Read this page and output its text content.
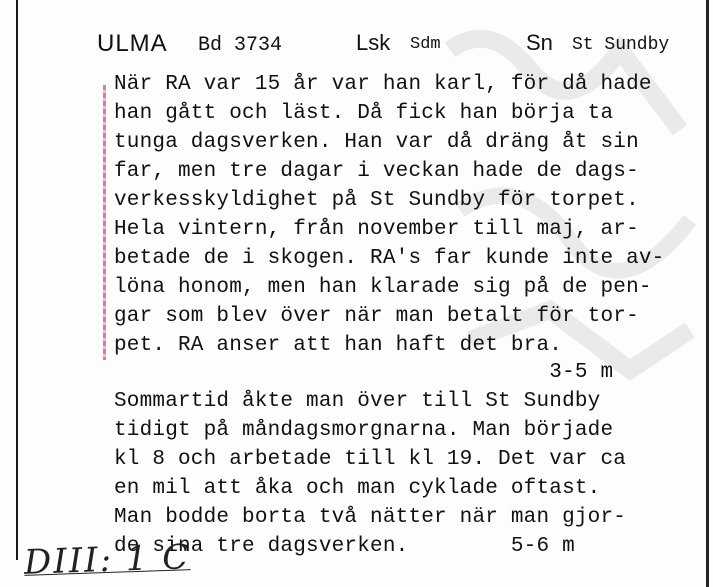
ULMA Bd 3734	Lsk Sdm	Sn St Sundby
När RA var 15 år var han karl, för då hade
han gått och läst. Då fick han börja ta
tunga dagsverken. Han var då dräng åt sin
far, men tre dagar i veckan hade de dags-
verkesskyldighet på St Sundby för torpet.
Hela vintern, från november till maj, ar-
betade de i skogen. RA's far kunde inte av-
löna honom, men han klarade sig på de pen-
gar som blev över när man betalt för tor-
pet. RA anser att han haft det bra.
3-5 m
Sommartid åkte man över till St Sundby
tidigt på måndagsmorgnarna. Man började
kl 8 och arbetade till kl 19. Det var ca
en mil att åka och man cyklade oftast.
Man bodde borta två nätter när man gjor-
de sina tre dagsverken.        5-6 m
DIII: 1 C
